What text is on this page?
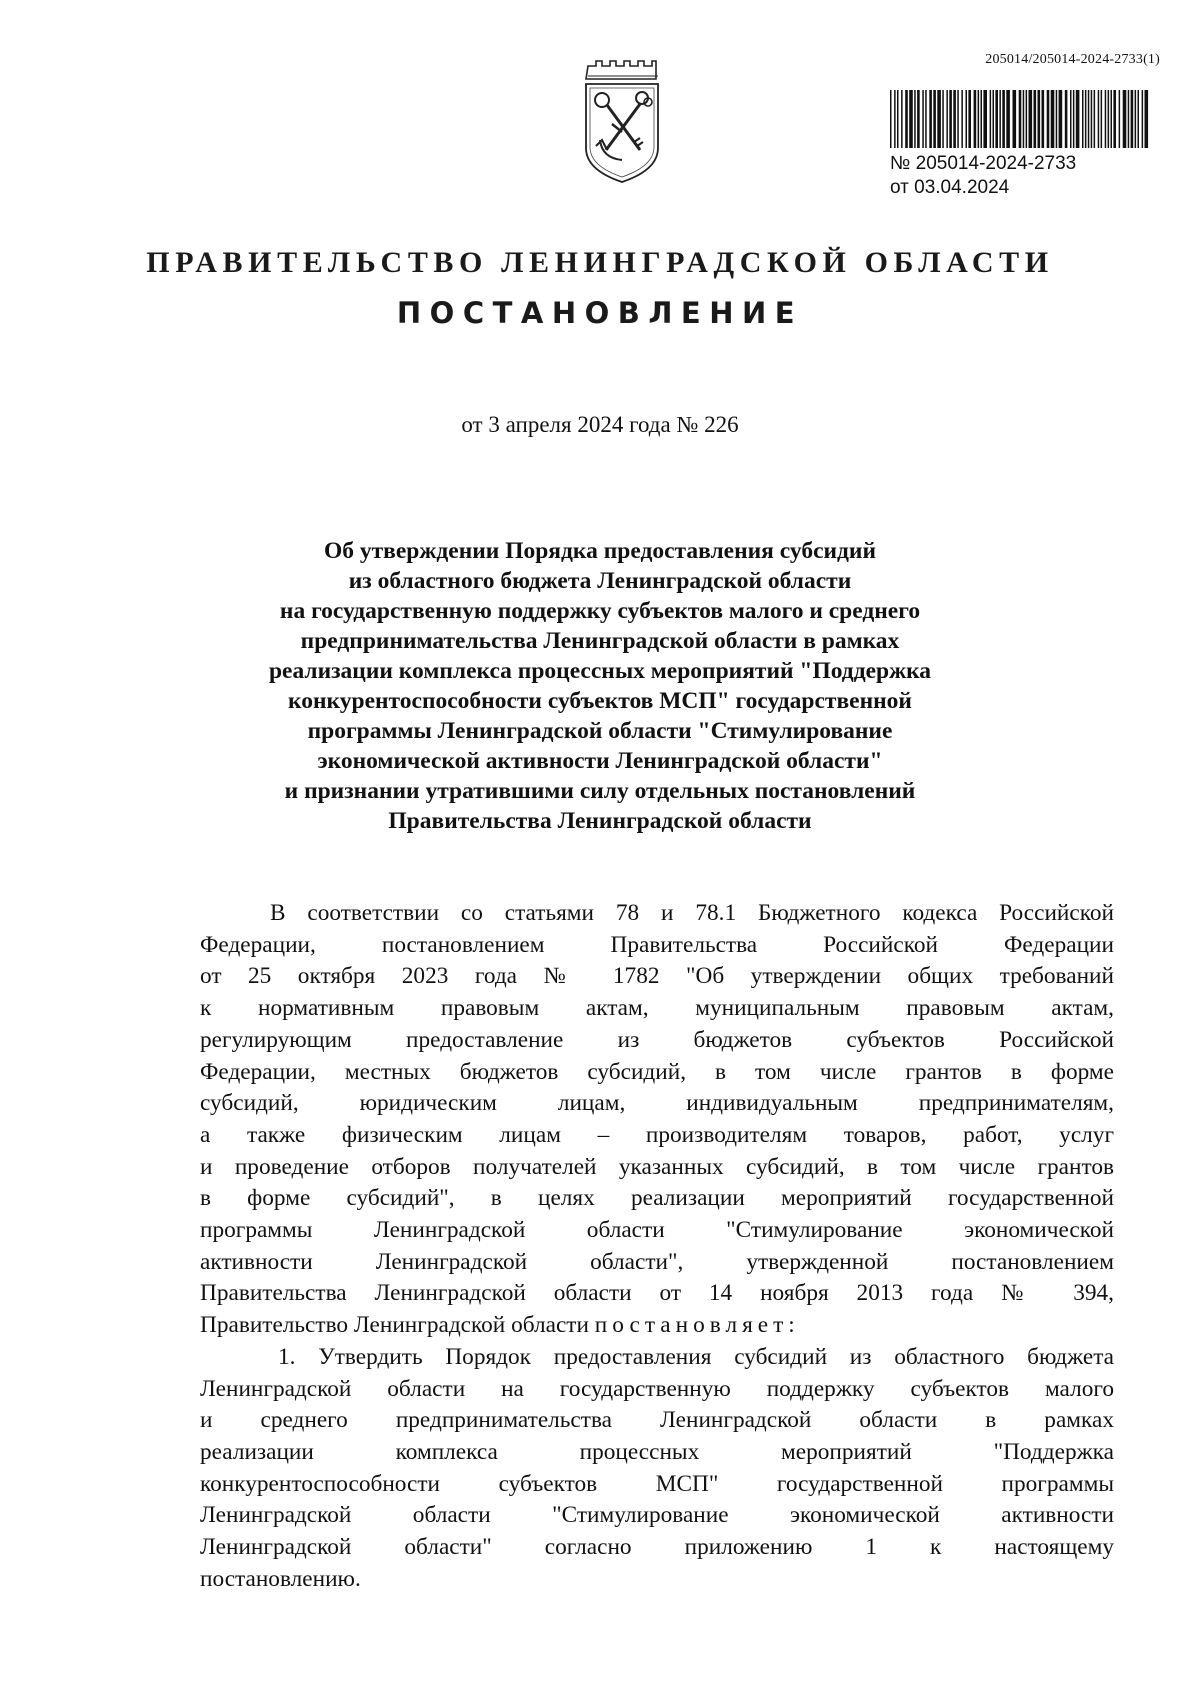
205014/205014-2024-2733(1)
№ 205014-2024-2733
от 03.04.2024
ПРАВИТЕЛЬСТВО ЛЕНИНГРАДСКОЙ ОБЛАСТИ
ПОСТАНОВЛЕНИЕ
от 3 апреля 2024 года № 226
Об утверждении Порядка предоставления субсидий
из областного бюджета Ленинградской области
на государственную поддержку субъектов малого и среднего
предпринимательства Ленинградской области в рамках
реализации комплекса процессных мероприятий "Поддержка
конкурентоспособности субъектов МСП" государственной
программы Ленинградской области "Стимулирование
экономической активности Ленинградской области"
и признании утратившими силу отдельных постановлений
Правительства Ленинградской области
В соответствии со статьями 78 и 78.1 Бюджетного кодекса Российской
Федерации, постановлением Правительства Российской Федерации
от 25 октября 2023 года № 1782 "Об утверждении общих требований
к нормативным правовым актам, муниципальным правовым актам,
регулирующим предоставление из бюджетов субъектов Российской
Федерации, местных бюджетов субсидий, в том числе грантов в форме
субсидий, юридическим лицам, индивидуальным предпринимателям,
а также физическим лицам – производителям товаров, работ, услуг
и проведение отборов получателей указанных субсидий, в том числе грантов
в форме субсидий", в целях реализации мероприятий государственной
программы Ленинградской области "Стимулирование экономической
активности Ленинградской области", утвержденной постановлением
Правительства Ленинградской области от 14 ноября 2013 года № 394,
Правительство Ленинградской области постановляет:
1. Утвердить Порядок предоставления субсидий из областного бюджета
Ленинградской области на государственную поддержку субъектов малого
и среднего предпринимательства Ленинградской области в рамках
реализации комплекса процессных мероприятий "Поддержка
конкурентоспособности субъектов МСП" государственной программы
Ленинградской области "Стимулирование экономической активности
Ленинградской области" согласно приложению 1 к настоящему
постановлению.
